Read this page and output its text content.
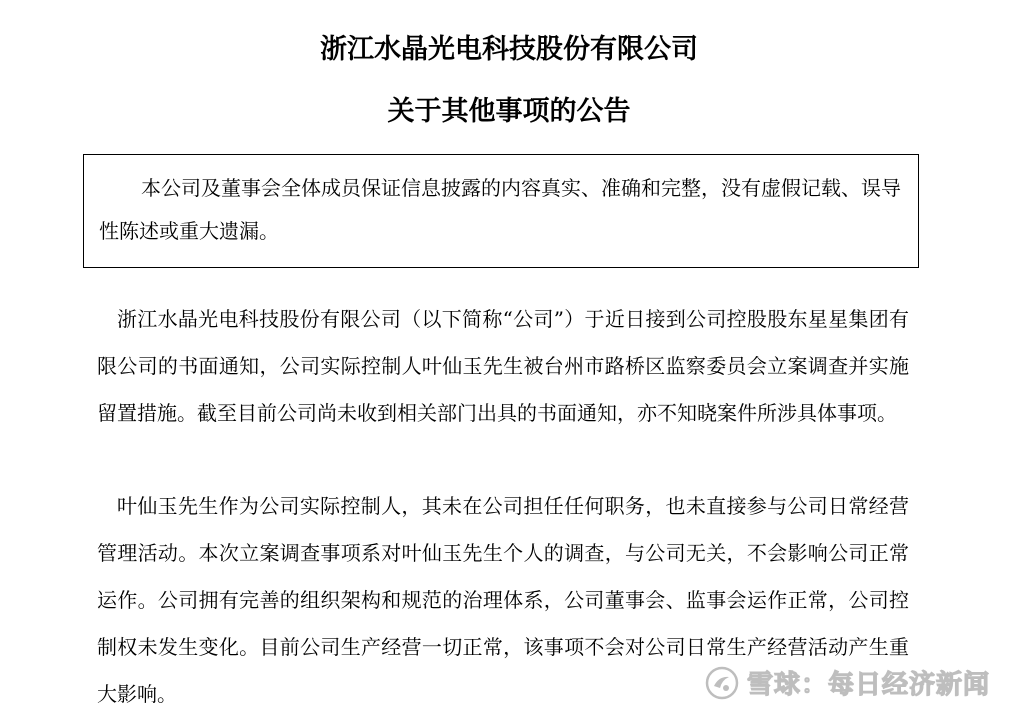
浙江水晶光电科技股份有限公司
关于其他事项的公告
本公司及董事会全体成员保证信息披露的内容真实、准确和完整，没有虚假记载、误导性陈述或重大遗漏。
浙江水晶光电科技股份有限公司（以下简称“公司”）于近日接到公司控股股东星星集团有限公司的书面通知，公司实际控制人叶仙玉先生被台州市路桥区监察委员会立案调查并实施留置措施。截至目前公司尚未收到相关部门出具的书面通知，亦不知晓案件所涉具体事项。
叶仙玉先生作为公司实际控制人，其未在公司担任任何职务，也未直接参与公司日常经营管理活动。本次立案调查事项系对叶仙玉先生个人的调查，与公司无关，不会影响公司正常运作。公司拥有完善的组织架构和规范的治理体系，公司董事会、监事会运作正常，公司控制权未发生变化。目前公司生产经营一切正常，该事项不会对公司日常生产经营活动产生重大影响。	雪球：每日经济新闻
